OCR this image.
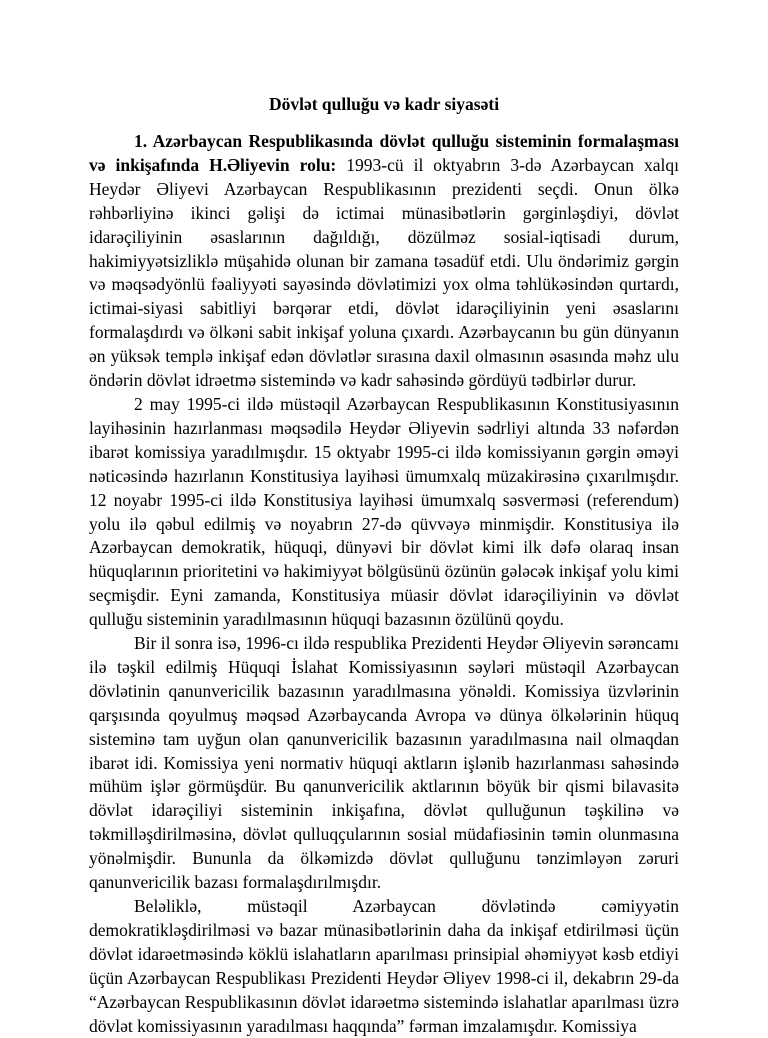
Dövlət qulluğu və kadr siyasəti

1. Azərbaycan Respublikasında dövlət qulluğu sisteminin formalaşması və inkişafında H.Əliyevin rolu: 1993-cü il oktyabrın 3-də Azərbaycan xalqı Heydər Əliyevi Azərbaycan Respublikasının prezidenti seçdi. Onun ölkə rəhbərliyinə ikinci gəlişi də ictimai münasibətlərin gərginləşdiyi, dövlət idarəçiliyinin əsaslarının dağıldığı, dözülməz sosial-iqtisadi durum, hakimiyyətsizliklə müşahidə olunan bir zamana təsadüf etdi. Ulu öndərimiz gərgin və məqsədyönlü fəaliyyəti sayəsində dövlətimizi yox olma təhlükəsindən qurtardı, ictimai-siyasi sabitliyi bərqərar etdi, dövlət idarəçiliyinin yeni əsaslarını formalaşdırdı və ölkəni sabit inkişaf yoluna çıxardı. Azərbaycanın bu gün dünyanın ən yüksək templə inkişaf edən dövlətlər sırasına daxil olmasının əsasında məhz ulu öndərin dövlət idrəetmə sistemində və kadr sahəsində gördüyü tədbirlər durur.

2 may 1995-ci ildə müstəqil Azərbaycan Respublikasının Konstitusiyasının layihəsinin hazırlanması məqsədilə Heydər Əliyevin sədrliyi altında 33 nəfərdən ibarət komissiya yaradılmışdır. 15 oktyabr 1995-ci ildə komissiyanın gərgin əməyi nəticəsində hazırlanın Konstitusiya layihəsi ümumxalq müzakirəsinə çıxarılmışdır. 12 noyabr 1995-ci ildə Konstitusiya layihəsi ümumxalq səsverməsi (referendum) yolu ilə qəbul edilmiş və noyabrın 27-də qüvvəyə minmişdir. Konstitusiya ilə Azərbaycan demokratik, hüquqi, dünyəvi bir dövlət kimi ilk dəfə olaraq insan hüquqlarının prioritetini və hakimiyyət bölgüsünü özünün gələcək inkişaf yolu kimi seçmişdir. Eyni zamanda, Konstitusiya müasir dövlət idarəçiliyinin və dövlət qulluğu sisteminin yaradılmasının hüquqi bazasının özülünü qoydu.

Bir il sonra isə, 1996-cı ildə respublika Prezidenti Heydər Əliyevin sərəncamı ilə təşkil edilmiş Hüquqi İslahat Komissiyasının səyləri müstəqil Azərbaycan dövlətinin qanunvericilik bazasının yaradılmasına yönəldi. Komissiya üzvlərinin qarşısında qoyulmuş məqsəd Azərbaycanda Avropa və dünya ölkələrinin hüquq sisteminə tam uyğun olan qanunvericilik bazasının yaradılmasına nail olmaqdan ibarət idi. Komissiya yeni normativ hüquqi aktların işlənib hazırlanması sahəsində mühüm işlər görmüşdür. Bu qanunvericilik aktlarının böyük bir qismi bilavasitə dövlət idarəçiliyi sisteminin inkişafına, dövlət qulluğunun təşkilinə və təkmilləşdirilməsinə, dövlət qulluqçularının sosial müdafiəsinin təmin olunmasına yönəlmişdir. Bununla da ölkəmizdə dövlət qulluğunu tənzimləyən zəruri qanunvericilik bazası formalaşdırılmışdır.

Beləliklə, müstəqil Azərbaycan dövlətində cəmiyyətin demokratikləşdirilməsi və bazar münasibətlərinin daha da inkişaf etdirilməsi üçün dövlət idarəetməsində köklü islahatların aparılması prinsipial əhəmiyyət kəsb etdiyi üçün Azərbaycan Respublikası Prezidenti Heydər Əliyev 1998-ci il, dekabrın 29-da “Azərbaycan Respublikasının dövlət idarəetmə sistemində islahatlar aparılması üzrə dövlət komissiyasının yaradılması haqqında” fərman imzalamışdır. Komissiya
